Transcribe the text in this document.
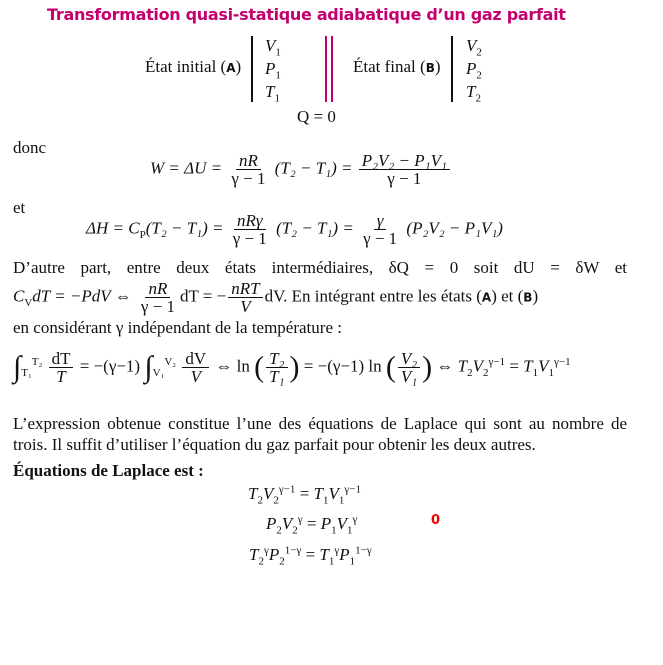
Transformation quasi-statique adiabatique d’un gaz parfait
État initial (A)
$V_1$
$P_1$
$T_1$
État final (B)
$V_2$
$P_2$
$T_2$
Q = 0
donc
$W = \Delta U = \frac{nR}{\gamma - 1} (T_2 - T_1) = \frac{\text{P₂V₂ − P₁V₁}}{\gamma - 1}$
et
$\Delta H = C_P(T_2 - T_1) = \frac{\text{nRγ}}{\gamma - 1} (T_2 - T_1) = \frac{\gamma}{\gamma - 1} (P_2V_2 - P_1V_1)$
D’autre part, entre deux états intermédiaires, δQ = 0 soit dU = δW et
$C_VdT = -PdV$ ⇔ $\frac{nR}{\gamma - 1}$ dT = − $\frac{\text{nRT}}{V}$ dV. En intégrant entre les états (A) et (B)
en considérant γ indépendant de la température :
$\int_{T_1}^{T_2} \frac{dT}{T} = -(\gamma-1)$ $\int_{V_1}^{V_2} \frac{dV}{V}$ ⇔ ln ( $\frac{\text{T₂}}{\text{T₁}}$ ) = −(γ−1) ln ( $\frac{\text{V₂}}{\text{V₁}}$ ) ⇔ $T_2V_2^{\gamma-1} = T_1V_1^{\gamma-1}$
L’expression obtenue constitue l’une des équations de Laplace qui sont au nombre de
trois. Il suffit d’utiliser l’équation du gaz parfait pour obtenir les deux autres.
Équations de Laplace est :
$T_2V_2^{\gamma-1} = T_1V_1^{\gamma-1}$
$P_2V_2^\gamma = P_1V_1^\gamma$	0
$T_2^\gamma P_2^{1-\gamma} = T_1^\gamma P_1^{1-\gamma}$
